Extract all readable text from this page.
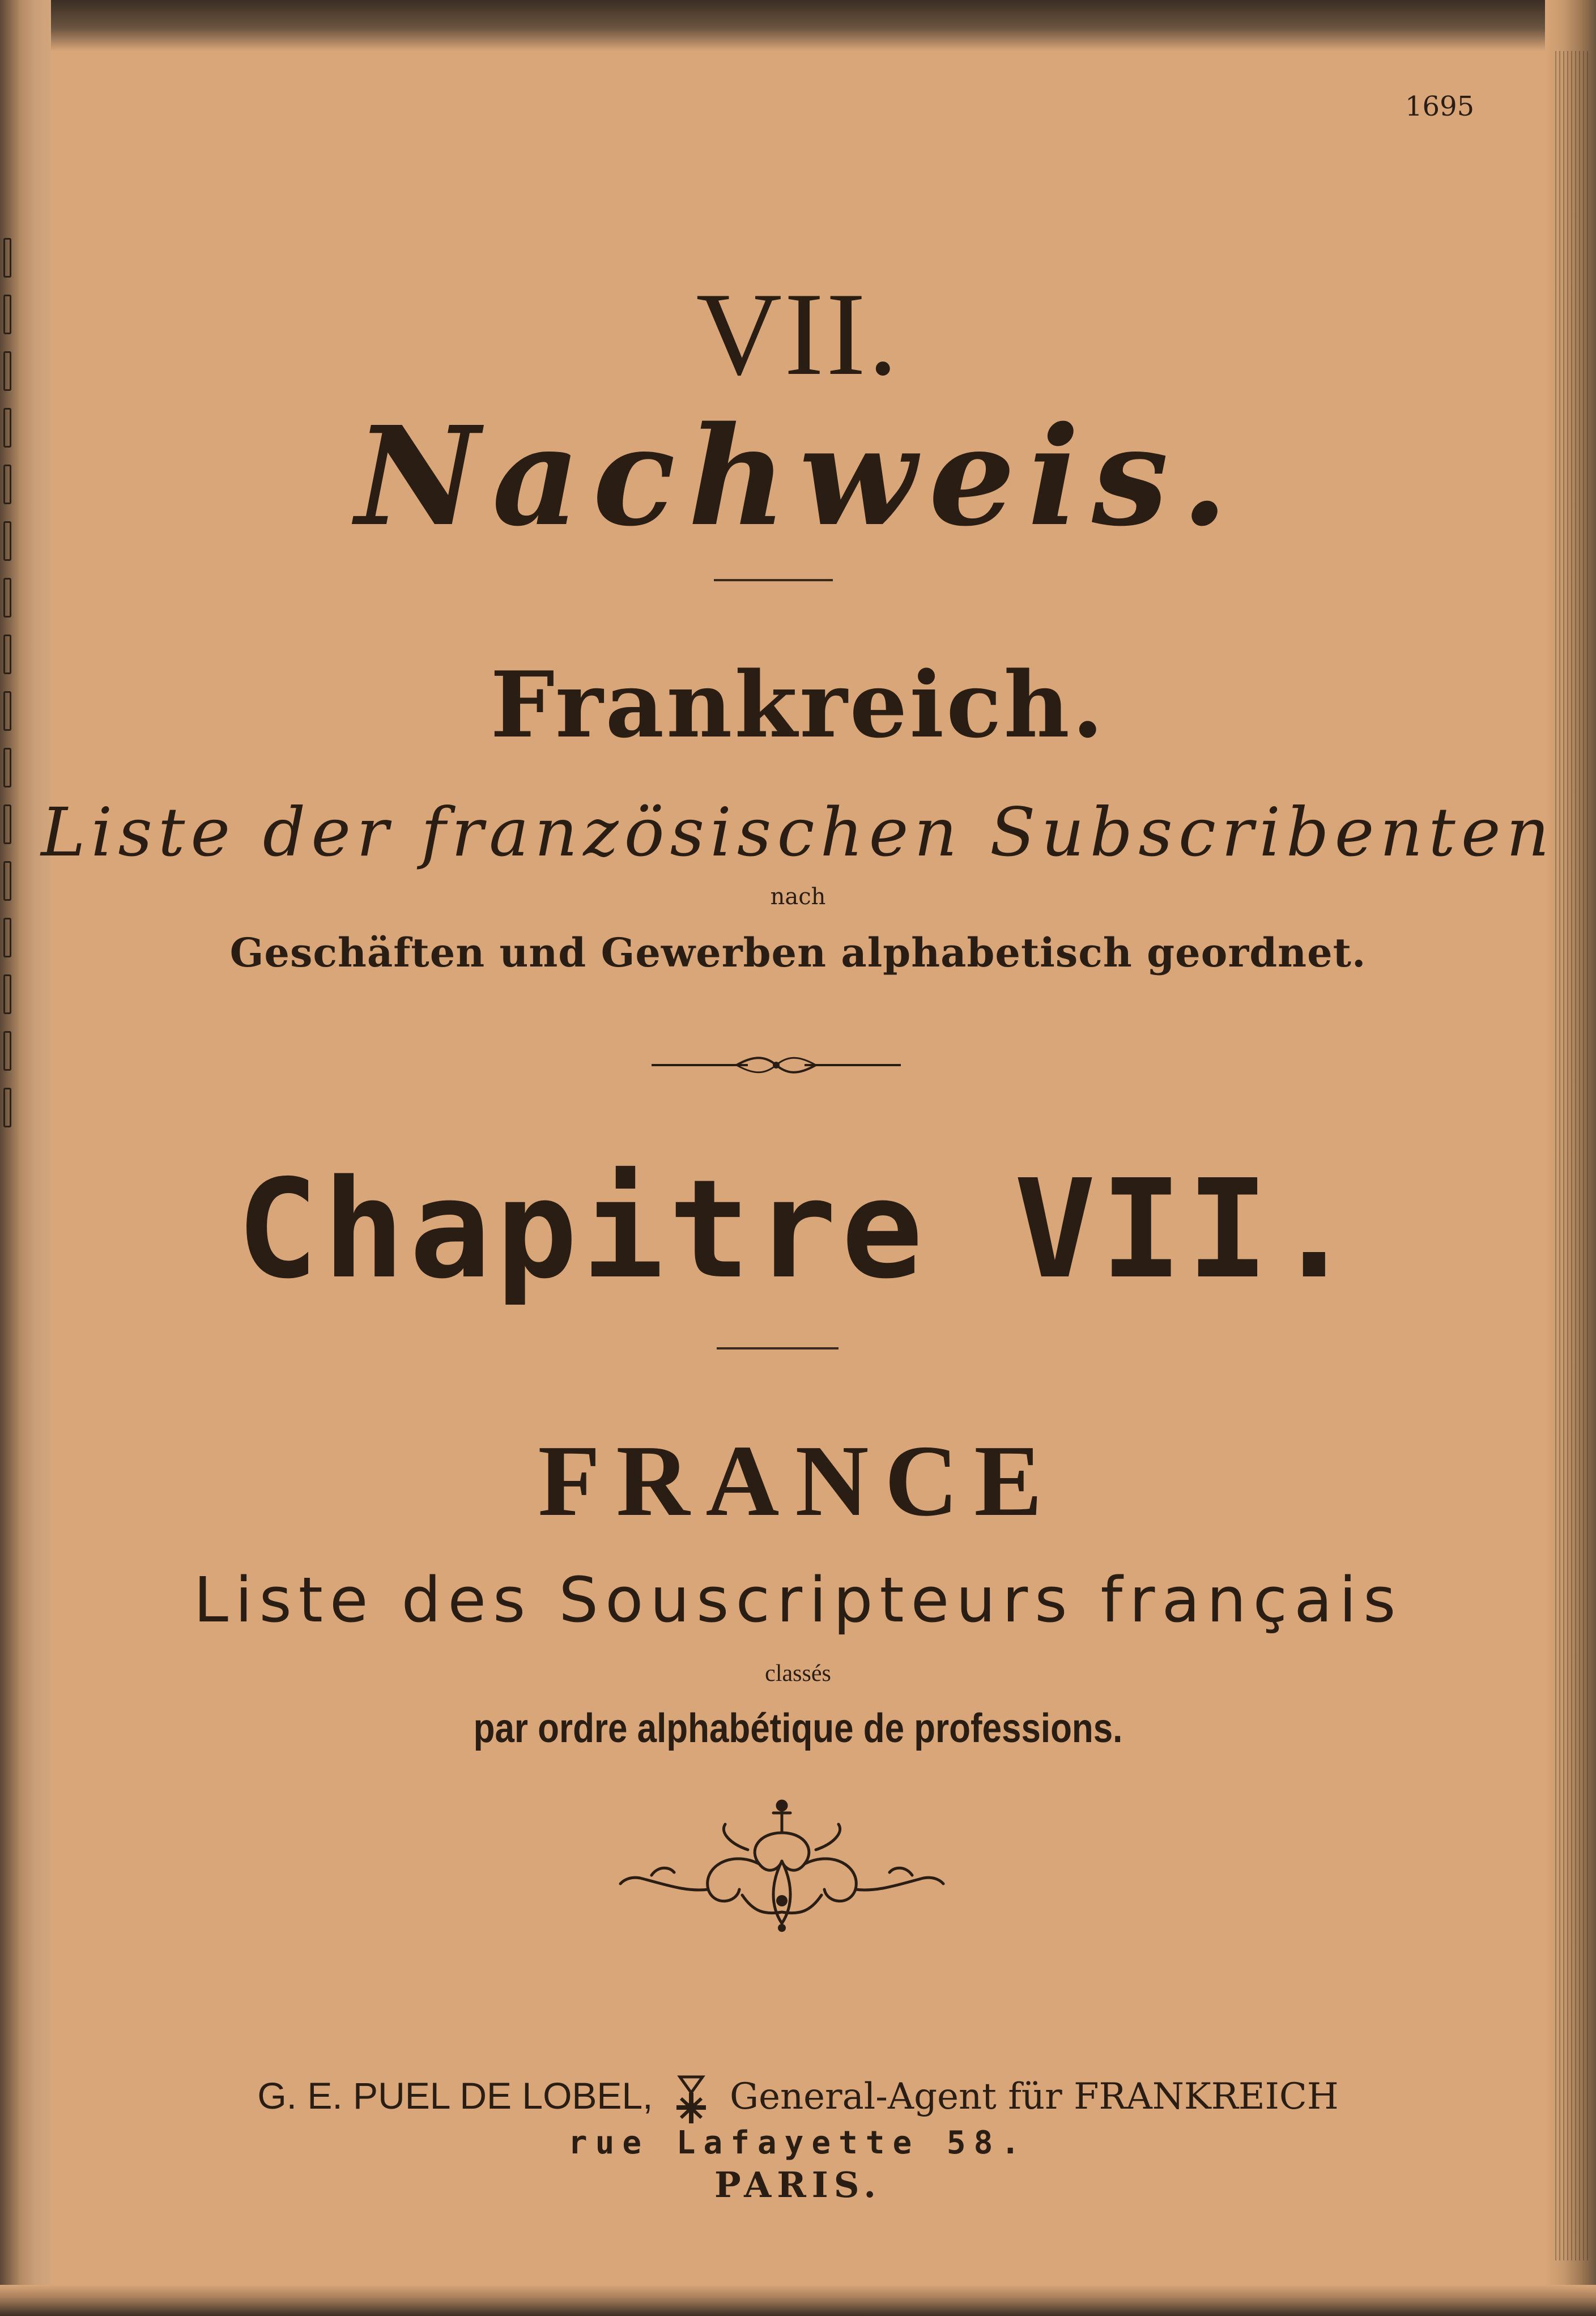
1695
VII.
Nachweis.
Frankreich.
Liste der französischen Subscribenten
nach
Geschäften und Gewerben alphabetisch geordnet.
Chapitre VII.
FRANCE
Liste des Souscripteurs français
classés
par ordre alphabétique de professions.
G. E. PUEL DE LOBEL, General-Agent für FRANKREICH
rue Lafayette 58.
PARIS.
